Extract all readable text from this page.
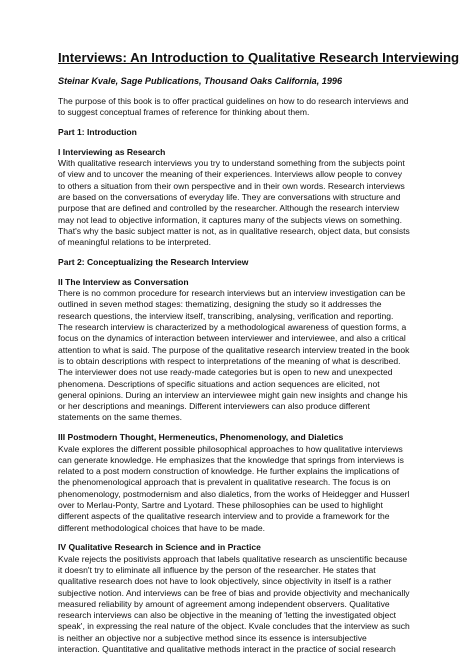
Interviews: An Introduction to Qualitative Research Interviewing
Steinar Kvale, Sage Publications, Thousand Oaks California, 1996
The purpose of this book is to offer practical guidelines on how to do research interviews and
to suggest conceptual frames of reference for thinking about them.
Part 1: Introduction
I Interviewing as Research
With qualitative research interviews you try to understand something from the subjects point
of view and to uncover the meaning of their experiences. Interviews allow people to convey
to others a situation from their own perspective and in their own words. Research interviews
are based on the conversations of everyday life. They are conversations with structure and
purpose that are defined and controlled by the researcher. Although the research interview
may not lead to objective information, it captures many of the subjects views on something.
That's why the basic subject matter is not, as in qualitative research, object data, but consists
of meaningful relations to be interpreted.
Part 2: Conceptualizing the Research Interview
II The Interview as Conversation
There is no common procedure for research interviews but an interview investigation can be
outlined in seven method stages: thematizing, designing the study so it addresses the
research questions, the interview itself, transcribing, analysing, verification and reporting.
The research interview is characterized by a methodological awareness of question forms, a
focus on the dynamics of interaction between interviewer and interviewee, and also a critical
attention to what is said. The purpose of the qualitative research interview treated in the book
is to obtain descriptions with respect to interpretations of the meaning of what is described.
The interviewer does not use ready-made categories but is open to new and unexpected
phenomena. Descriptions of specific situations and action sequences are elicited, not
general opinions. During an interview an interviewee might gain new insights and change his
or her descriptions and meanings. Different interviewers can also produce different
statements on the same themes.
III Postmodern Thought, Hermeneutics, Phenomenology, and Dialetics
Kvale explores the different possible philosophical approaches to how qualitative interviews
can generate knowledge. He emphasizes that the knowledge that springs from interviews is
related to a post modern construction of knowledge. He further explains the implications of
the phenomenological approach that is prevalent in qualitative research. The focus is on
phenomenology, postmodernism and also dialetics, from the works of Heidegger and Husserl
over to Merlau-Ponty, Sartre and Lyotard. These philosophies can be used to highlight
different aspects of the qualitative research interview and to provide a framework for the
different methodological choices that have to be made.
IV Qualitative Research in Science and in Practice
Kvale rejects the positivists approach that labels qualitative research as unscientific because
it doesn't try to eliminate all influence by the person of the researcher. He states that
qualitative research does not have to look objectively, since objectivity in itself is a rather
subjective notion. And interviews can be free of bias and provide objectivity and mechanically
measured reliability by amount of agreement among independent observers. Qualitative
research interviews can also be objective in the meaning of 'letting the investigated object
speak', in expressing the real nature of the object. Kvale concludes that the interview as such
is neither an objective nor a subjective method since its essence is intersubjective
interaction. Quantitative and qualitative methods interact in the practice of social research
